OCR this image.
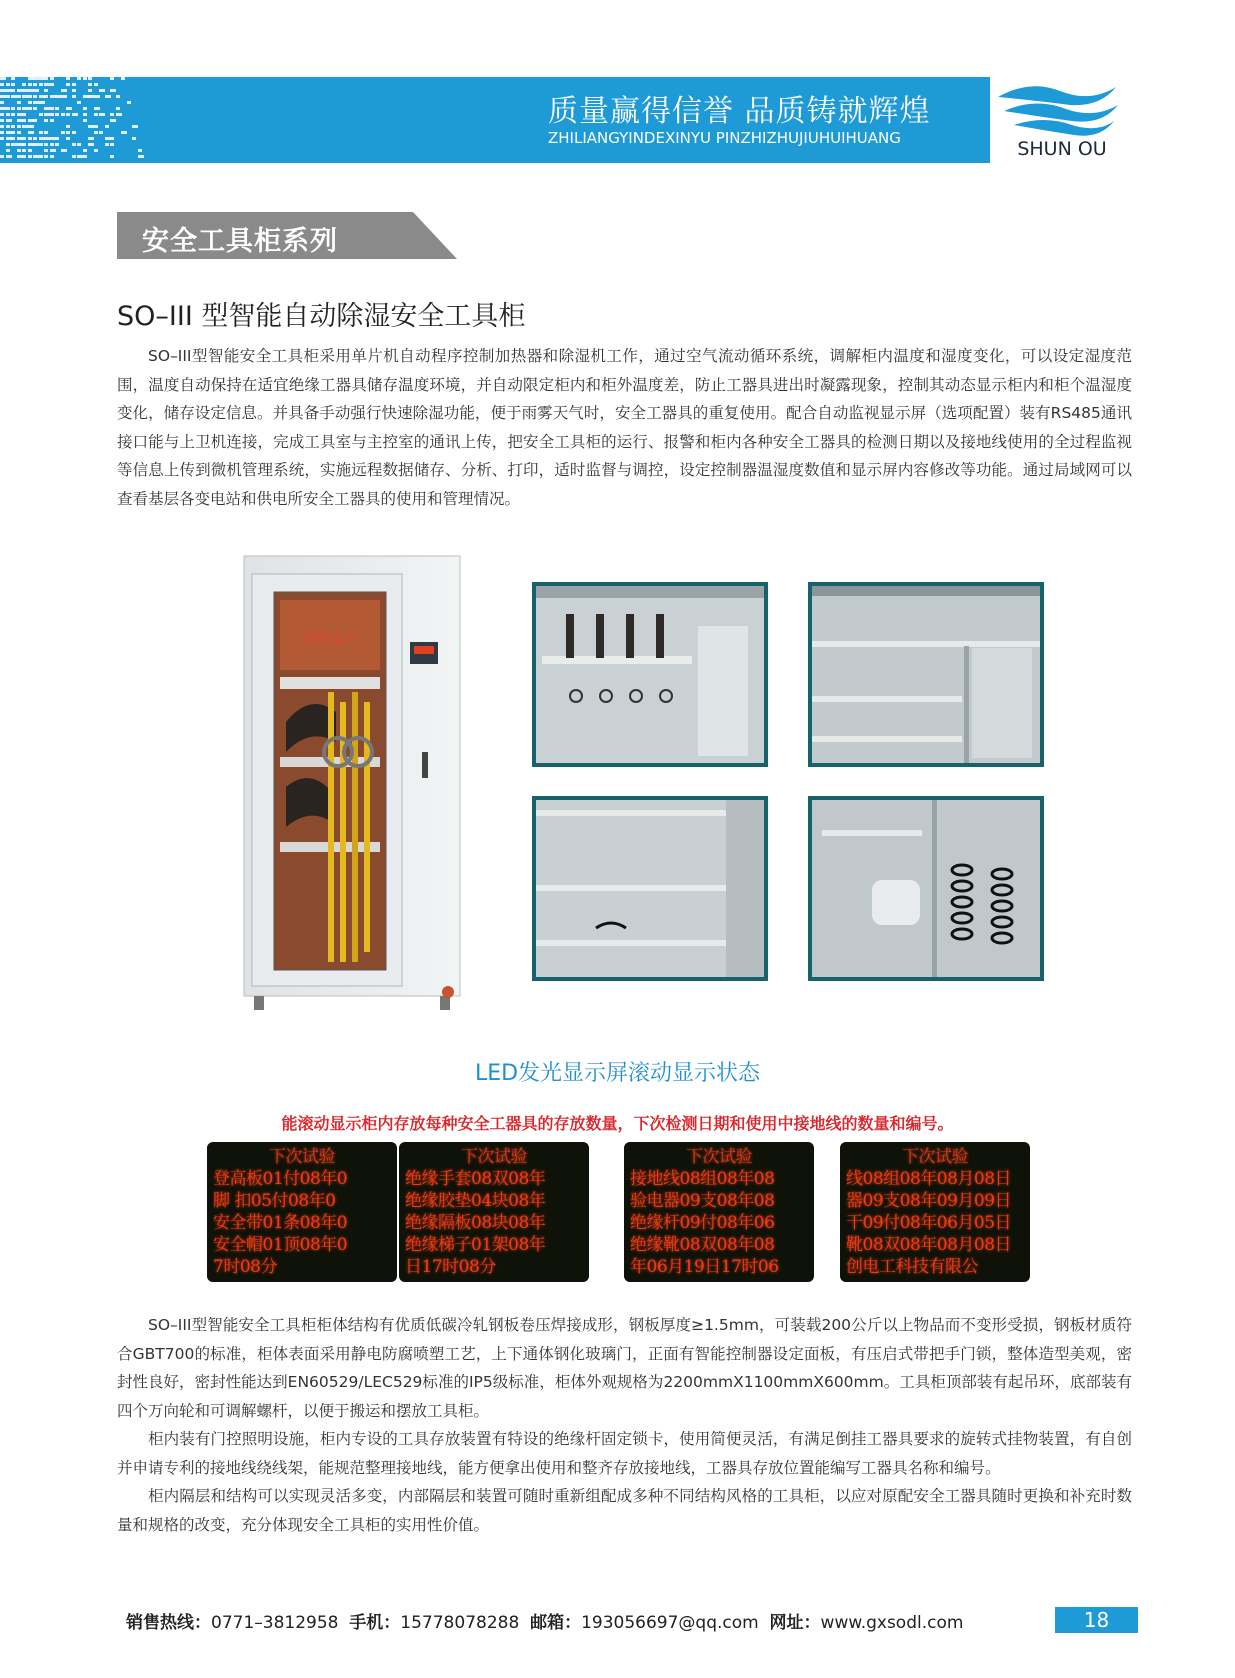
质量赢得信誉 品质铸就辉煌
ZHILIANGYINDEXINYU PINZHIZHUJIUHUIHUANG	SHUN OU
安全工具柜系列
SO–III 型智能自动除湿安全工具柜
SO–III型智能安全工具柜采用单片机自动程序控制加热器和除湿机工作，通过空气流动循环系统，调解柜内温度和湿度变化，可以设定湿度范围，温度自动保持在适宜绝缘工器具储存温度环境，并自动限定柜内和柜外温度差，防止工器具进出时凝露现象，控制其动态显示柜内和柜个温湿度变化，储存设定信息。并具备手动强行快速除湿功能，便于雨雾天气时，安全工器具的重复使用。配合自动监视显示屏（选项配置）装有RS485通讯接口能与上卫机连接，完成工具室与主控室的通讯上传，把安全工具柜的运行、报警和柜内各种安全工器具的检测日期以及接地线使用的全过程监视等信息上传到微机管理系统，实施远程数据储存、分析、打印，适时监督与调控，设定控制器温湿度数值和显示屏内容修改等功能。通过局域网可以查看基层各变电站和供电所安全工器具的使用和管理情况。
顺欧电力
LED发光显示屏滚动显示状态
能滚动显示柜内存放每种安全工器具的存放数量，下次检测日期和使用中接地线的数量和编号。
下次试验
登高板01付08年0
脚 扣05付08年0
安全带01条08年0
安全帽01顶08年0
7时08分
下次试验
绝缘手套08双08年
绝缘胶垫04块08年
绝缘隔板08块08年
绝缘梯子01架08年
日17时08分
下次试验
接地线08组08年08
验电器09支08年08
绝缘杆09付08年06
绝缘靴08双08年08
年06月19日17时06
下次试验
线08组08年08月08日
器09支08年09月09日
干09付08年06月05日
靴08双08年08月08日
创电工科技有限公

SO–III型智能安全工具柜柜体结构有优质低碳冷轧钢板卷压焊接成形，钢板厚度≥1.5mm，可装载200公斤以上物品而不变形受损，钢板材质符合GBT700的标准，柜体表面采用静电防腐喷塑工艺，上下通体钢化玻璃门，正面有智能控制器设定面板，有压启式带把手门锁，整体造型美观，密封性良好，密封性能达到EN60529/LEC529标准的IP5级标准，柜体外观规格为2200mmX1100mmX600mm。工具柜顶部装有起吊环，底部装有四个万向轮和可调解螺杆，以便于搬运和摆放工具柜。

柜内装有门控照明设施，柜内专设的工具存放装置有特设的绝缘杆固定锁卡，使用简便灵活，有满足倒挂工器具要求的旋转式挂物装置，有自创并申请专利的接地线绕线架，能规范整理接地线，能方便拿出使用和整齐存放接地线，工器具存放位置能编写工器具名称和编号。

柜内隔层和结构可以实现灵活多变，内部隔层和装置可随时重新组配成多种不同结构风格的工具柜，以应对原配安全工器具随时更换和补充时数量和规格的改变，充分体现安全工具柜的实用性价值。

销售热线：0771–3812958 手机：15778078288 邮箱：193056697@qq.com 网址：www.gxsodl.com	18
